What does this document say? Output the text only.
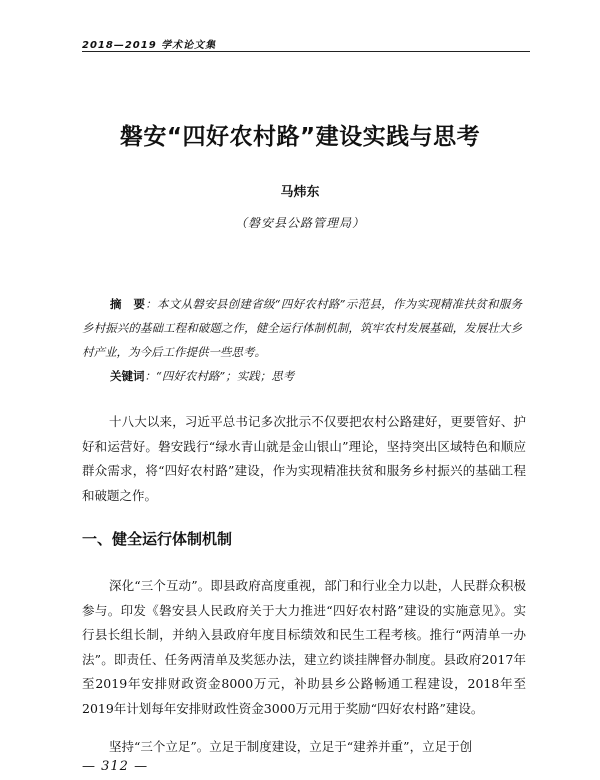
2018—2019 学术论文集
磐安“四好农村路”建设实践与思考
马炜东
（磐安县公路管理局）
摘　要：本文从磐安县创建省级“四好农村路”示范县，作为实现精准扶贫和服务乡村振兴的基础工程和破题之作，健全运行体制机制，筑牢农村发展基础，发展壮大乡村产业，为今后工作提供一些思考。
关键词：“四好农村路”；实践；思考
十八大以来，习近平总书记多次批示不仅要把农村公路建好，更要管好、护好和运营好。磐安践行“绿水青山就是金山银山”理论，坚持突出区域特色和顺应群众需求，将“四好农村路”建设，作为实现精准扶贫和服务乡村振兴的基础工程和破题之作。
一、健全运行体制机制
深化“三个互动”。即县政府高度重视，部门和行业全力以赴，人民群众积极参与。印发《磐安县人民政府关于大力推进“四好农村路”建设的实施意见》。实行县长组长制，并纳入县政府年度目标绩效和民生工程考核。推行“两清单一办法”。即责任、任务两清单及奖惩办法，建立约谈挂牌督办制度。县政府2017年至2019年安排财政资金8000万元，补助县乡公路畅通工程建设，2018年至2019年计划每年安排财政性资金3000万元用于奖励“四好农村路”建设。
坚持“三个立足”。立足于制度建设，立足于“建养并重”，立足于创
— 312 —
